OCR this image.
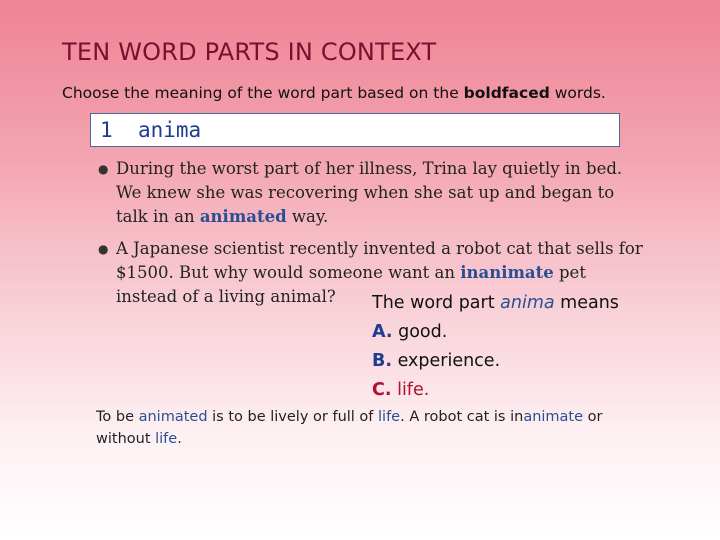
TEN WORD PARTS IN CONTEXT
Choose the meaning of the word part based on the boldfaced words.
1 anima
● During the worst part of her illness, Trina lay quietly in bed. We knew she was recovering when she sat up and began to talk in an animated way.
● A Japanese scientist recently invented a robot cat that sells for $1500. But why would someone want an inanimate pet instead of a living animal?	The word part anima means
A. good.
B. experience.
C. life.
To be animated is to be lively or full of life. A robot cat is inanimate or without life.
